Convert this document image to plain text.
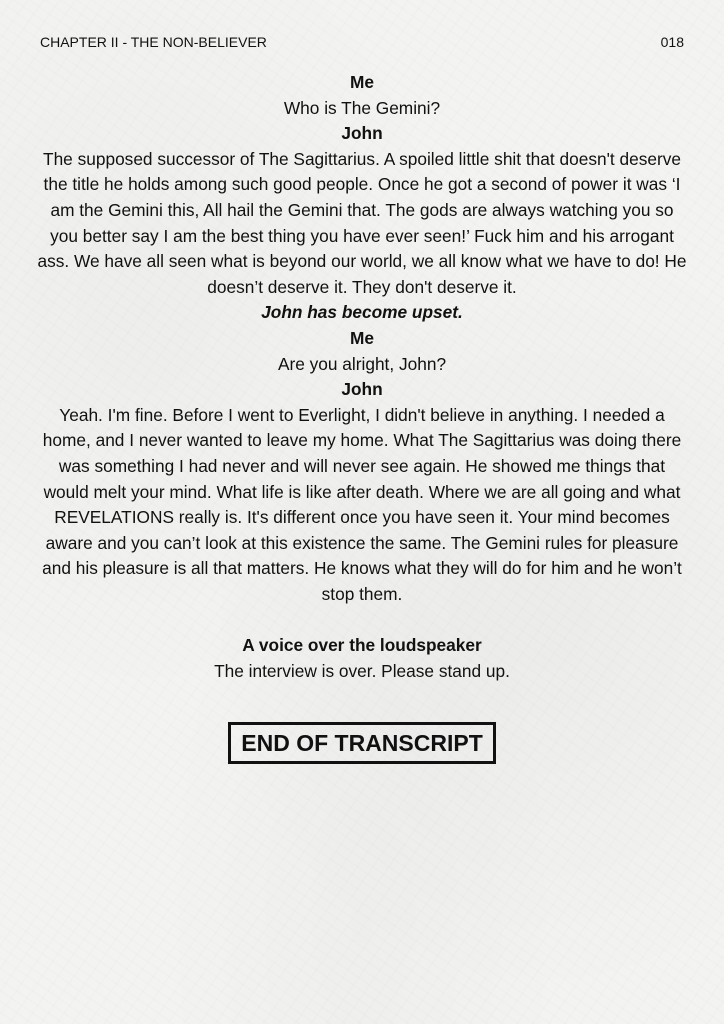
CHAPTER II - THE NON-BELIEVER	018

Me

Who is The Gemini?

John

The supposed successor of The Sagittarius. A spoiled little shit that doesn't deserve the title he holds among such good people. Once he got a second of power it was ‘I am the Gemini this, All hail the Gemini that. The gods are always watching you so you better say I am the best thing you have ever seen!’ Fuck him and his arrogant ass. We have all seen what is beyond our world, we all know what we have to do! He doesn’t deserve it. They don't deserve it.

John has become upset.

Me

Are you alright, John?

John

Yeah. I'm fine. Before I went to Everlight, I didn't believe in anything. I needed a home, and I never wanted to leave my home. What The Sagittarius was doing there was something I had never and will never see again. He showed me things that would melt your mind. What life is like after death. Where we are all going and what REVELATIONS really is. It's different once you have seen it. Your mind becomes aware and you can’t look at this existence the same. The Gemini rules for pleasure and his pleasure is all that matters. He knows what they will do for him and he won’t stop them.

A voice over the loudspeaker

The interview is over. Please stand up.

END OF TRANSCRIPT
